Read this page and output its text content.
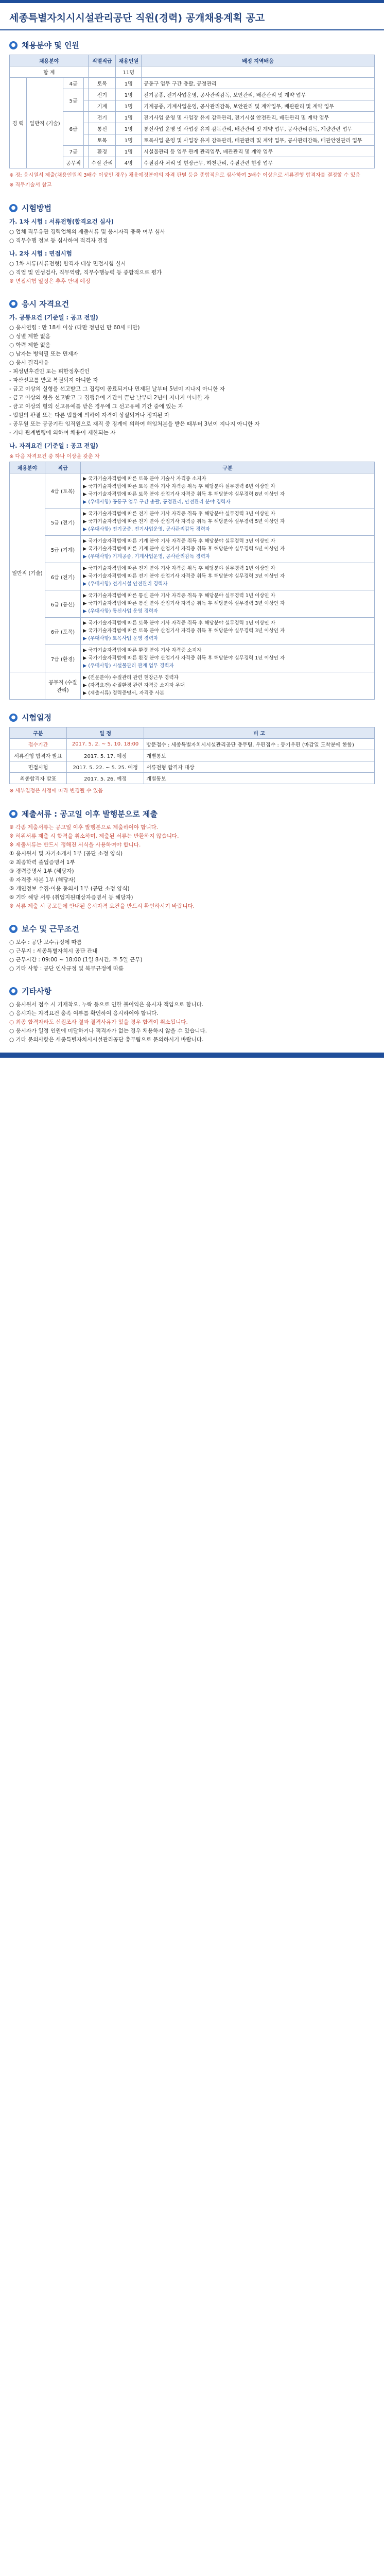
세종특별자치시시설관리공단 직원(경력) 공개채용계획 공고
● 채용분야 및 인원
채용분야				직렬직급	채용인원	배정 지역배움
합 계					11명	
경 력	일반직 (기술)	4급		토목	1명	공동구 업무 구간 총괄, 공정관리
		5급		전기	1명	전기공종, 전기사업운영, 공사관리감독, 보안관리, 배관관리 및 계약 업무
				기계	1명	기계공종, 기계사업운영, 공사관리감독, 보안관리 및 계약업무, 배관관리 및 계약 업무
		6급		전기	1명	전기사업 운영 및 사업장 유지 감독관리, 전기시설 안전관리, 배관관리 및 계약 업무
				통신	1명	통신사업 운영 및 사업장 유지 감독관리, 배관관리 및 계약 업무, 공사관리감독, 계량관련 업무
				토목	1명	토목사업 운영 및 사업장 유지 감독관리, 배관관리 및 계약 업무, 공사관리감독, 배관안전관리 업무
		7급		환경	1명	시설물관리 등 업무 관계 관리업무, 배관관리 및 계약 업무
		공무직		수질 관리	4명	수질검사 처리 및 현장근무, 하천관리, 수질관련 현장 업무
※ 정: 응시원서 제출(채용인원의 3배수 이상인 경우) 채용예정분야의 자격 판별 등을 종합적으로 심사하여 3배수 이상으로 서류전형 합격자를 결정할 수 있음
※ 직무기술서 참고
● 시험방법
가. 1차 시험 : 서류전형(합격요건 심사)

○ 업체 직무유관 경력업체의 제출서류 및 응시자격 충족 여부 심사

○ 직무수행 정보 등 심사하여 적격자 결정

나. 2차 시험 : 면접시험

○ 1차 서류(서류전형) 합격자 대상 면접시험 실시

○ 직업 및 인성검사, 직무역량, 직무수행능력 등 종합적으로 평가

※ 면접시험 일정은 추후 안내 예정

● 응시 자격요건
가. 공통요건 (기준일 : 공고 전일)

○ 응시연령 : 만 18세 이상 (다만 정년인 만 60세 미만)

○ 성별 제한 없음

○ 학력 제한 없음

○ 남자는 병역필 또는 면제자

○ 응시 결격사유

- 피성년후견인 또는 피한정후견인

- 파산선고를 받고 복권되지 아니한 자

- 금고 이상의 실형을 선고받고 그 집행이 종료되거나 면제된 날부터 5년이 지나지 아니한 자

- 금고 이상의 형을 선고받고 그 집행유예 기간이 끝난 날부터 2년이 지나지 아니한 자

- 금고 이상의 형의 선고유예를 받은 경우에 그 선고유예 기간 중에 있는 자

- 법원의 판결 또는 다른 법률에 의하여 자격이 상실되거나 정지된 자

- 공무원 또는 공공기관 임직원으로 재직 중 징계에 의하여 해임처분을 받은 때부터 3년이 지나지 아니한 자

- 기타 관계법령에 의하여 채용이 제한되는 자

나. 자격요건 (기준일 : 공고 전일)
※ 다음 자격요건 중 하나 이상을 갖춘 자
채용분야	직급	구분
일반직 (기술)	4급 (토목)	▶ 국가기술자격법에 따른 토목 분야 기술사 자격증 소지자
▶ 국가기술자격법에 따른 토목 분야 기사 자격증 취득 후 해당분야 실무경력 6년 이상인 자
▶ 국가기술자격법에 따른 토목 분야 산업기사 자격증 취득 후 해당분야 실무경력 8년 이상인 자
▶ (우대사항) 공동구 업무 구간 총괄, 공정관리, 안전관리 분야 경력자

	5급 (전기)	▶ 국가기술자격법에 따른 전기 분야 기사 자격증 취득 후 해당분야 실무경력 3년 이상인 자
▶ 국가기술자격법에 따른 전기 분야 산업기사 자격증 취득 후 해당분야 실무경력 5년 이상인 자
▶ (우대사항) 전기공종, 전기사업운영, 공사관리감독 경력자

	5급 (기계)	▶ 국가기술자격법에 따른 기계 분야 기사 자격증 취득 후 해당분야 실무경력 3년 이상인 자
▶ 국가기술자격법에 따른 기계 분야 산업기사 자격증 취득 후 해당분야 실무경력 5년 이상인 자
▶ (우대사항) 기계공종, 기계사업운영, 공사관리감독 경력자

	6급 (전기)	▶ 국가기술자격법에 따른 전기 분야 기사 자격증 취득 후 해당분야 실무경력 1년 이상인 자
▶ 국가기술자격법에 따른 전기 분야 산업기사 자격증 취득 후 해당분야 실무경력 3년 이상인 자
▶ (우대사항) 전기시설 안전관리 경력자

	6급 (통신)	▶ 국가기술자격법에 따른 통신 분야 기사 자격증 취득 후 해당분야 실무경력 1년 이상인 자
▶ 국가기술자격법에 따른 통신 분야 산업기사 자격증 취득 후 해당분야 실무경력 3년 이상인 자
▶ (우대사항) 통신사업 운영 경력자

	6급 (토목)	▶ 국가기술자격법에 따른 토목 분야 기사 자격증 취득 후 해당분야 실무경력 1년 이상인 자
▶ 국가기술자격법에 따른 토목 분야 산업기사 자격증 취득 후 해당분야 실무경력 3년 이상인 자
▶ (우대사항) 토목사업 운영 경력자

	7급 (환경)	▶ 국가기술자격법에 따른 환경 분야 기사 자격증 소지자
▶ 국가기술자격법에 따른 환경 분야 산업기사 자격증 취득 후 해당분야 실무경력 1년 이상인 자
▶ (우대사항) 시설물관리 관계 업무 경력자

	공무직 (수질관리)	▶ (전문분야) 수질관리 관련 현장근무 경력자
▶ (자격요건) 수질환경 관련 자격증 소지자 우대
▶ (제출서류) 경력증명서, 자격증 사본
● 시험일정
구분	일 정	비 고
접수기간	2017. 5. 2. ~ 5. 10. 18:00	방문접수 : 세종특별자치시시설관리공단 총무팀, 우편접수 : 등기우편 (마감일 도착분에 한함)
서류전형 합격자 발표	2017. 5. 17. 예정	개별통보
면접시험	2017. 5. 22. ~ 5. 25. 예정	서류전형 합격자 대상
최종합격자 발표	2017. 5. 26. 예정	개별통보
※ 세부일정은 사정에 따라 변경될 수 있음
● 제출서류 : 공고일 이후 발행분으로 제출

※ 각종 제출서류는 공고일 이후 발행분으로 제출하여야 합니다.

※ 허위서류 제출 시 합격을 취소하며, 제출된 서류는 반환하지 않습니다.

※ 제출서류는 반드시 정해진 서식을 사용하여야 합니다.

① 응시원서 및 자기소개서 1부 (공단 소정 양식)

② 최종학력 졸업증명서 1부

③ 경력증명서 1부 (해당자)

④ 자격증 사본 1부 (해당자)

⑤ 개인정보 수집·이용 동의서 1부 (공단 소정 양식)

⑥ 기타 해당 서류 (취업지원대상자증명서 등 해당자)

※ 서류 제출 시 공고문에 안내된 응시자격 요건을 반드시 확인하시기 바랍니다.

● 보수 및 근무조건

○ 보수 : 공단 보수규정에 따름

○ 근무지 : 세종특별자치시 공단 관내

○ 근무시간 : 09:00 ~ 18:00 (1일 8시간, 주 5일 근무)

○ 기타 사항 : 공단 인사규정 및 복무규정에 따름

● 기타사항

○ 응시원서 접수 시 기재착오, 누락 등으로 인한 불이익은 응시자 책임으로 합니다.

○ 응시자는 자격요건 충족 여부를 확인하여 응시하여야 합니다.

○ 최종 합격자라도 신원조사 결과 결격사유가 있을 경우 합격이 취소됩니다.

○ 응시자가 일정 인원에 미달하거나 적격자가 없는 경우 채용하지 않을 수 있습니다.

○ 기타 문의사항은 세종특별자치시시설관리공단 총무팀으로 문의하시기 바랍니다.
